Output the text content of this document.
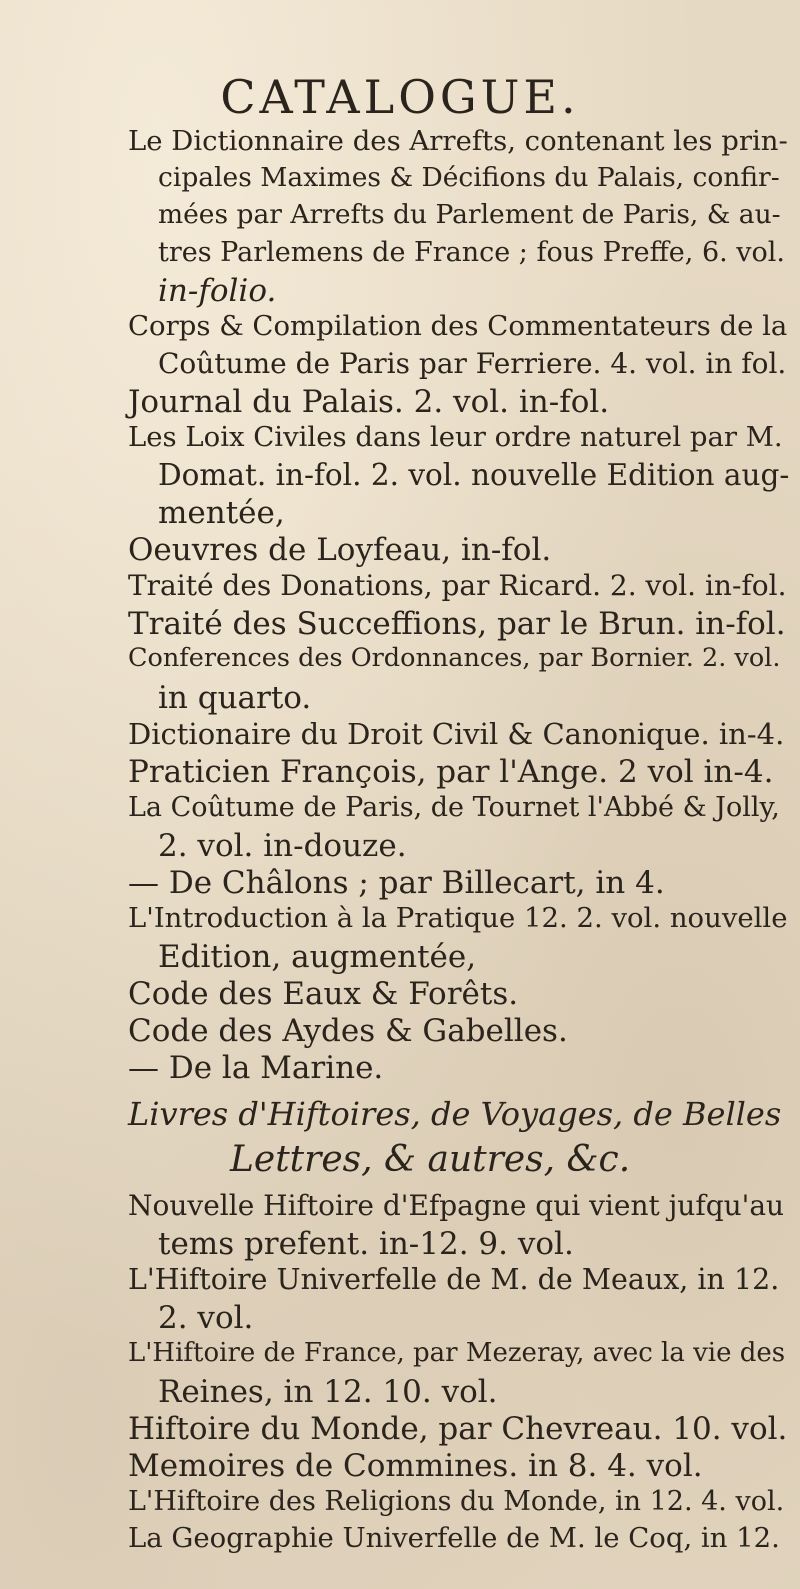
CATALOGUE.
Le Dictionnaire des Arrefts, contenant les prin-
cipales Maximes & Décifions du Palais, confir-
mées par Arrefts du Parlement de Paris, & au-
tres Parlemens de France ; fous Preffe, 6. vol.
in-folio.
Corps & Compilation des Commentateurs de la
Coûtume de Paris par Ferriere. 4. vol. in fol.
Journal du Palais. 2. vol. in-fol.
Les Loix Civiles dans leur ordre naturel par M.
Domat. in-fol. 2. vol. nouvelle Edition aug-
mentée,
Oeuvres de Loyfeau, in-fol.
Traité des Donations, par Ricard. 2. vol. in-fol.
Traité des Succeffions, par le Brun. in-fol.
Conferences des Ordonnances, par Bornier. 2. vol.
in quarto.
Dictionaire du Droit Civil & Canonique. in-4.
Praticien François, par l'Ange. 2 vol in-4.
La Coûtume de Paris, de Tournet l'Abbé & Jolly,
2. vol. in-douze.
— De Châlons ; par Billecart, in 4.
L'Introduction à la Pratique 12. 2. vol. nouvelle
Edition, augmentée,
Code des Eaux & Forêts.
Code des Aydes & Gabelles.
— De la Marine.
Livres d'Hiftoires, de Voyages, de Belles
Lettres, & autres, &c.
Nouvelle Hiftoire d'Efpagne qui vient jufqu'au
tems prefent. in-12. 9. vol.
L'Hiftoire Univerfelle de M. de Meaux, in 12.
2. vol.
L'Hiftoire de France, par Mezeray, avec la vie des
Reines, in 12. 10. vol.
Hiftoire du Monde, par Chevreau. 10. vol.
Memoires de Commines. in 8. 4. vol.
L'Hiftoire des Religions du Monde, in 12. 4. vol.
La Geographie Univerfelle de M. le Coq, in 12.
